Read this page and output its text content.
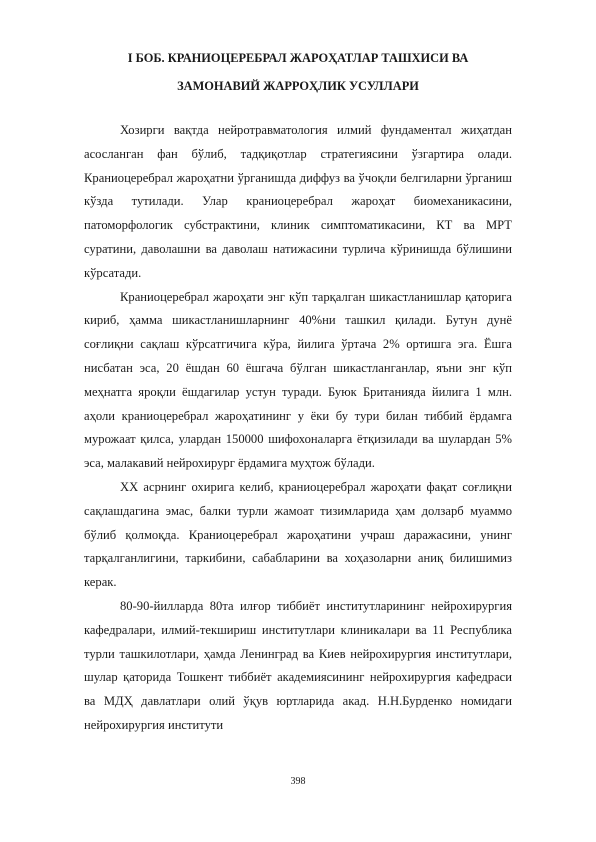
I БОБ. КРАНИОЦЕРЕБРАЛ ЖАРОҲАТЛАР ТАШХИСИ ВА
ЗАМОНАВИЙ ЖАРРОҲЛИК УСУЛЛАРИ

Хозирги вақтда нейротравматология илмий фундаментал жиҳатдан асосланган фан бўлиб, тадқиқотлар стратегиясини ўзгартира олади. Краниоцеребрал жароҳатни ўрганишда диффуз ва ўчоқли белгиларни ўрганиш кўзда тутилади. Улар краниоцеребрал жароҳат биомеханикасини, патоморфологик субстрактини, клиник симптоматикасини, КТ ва МРТ суратини, даволашни ва даволаш натижасини турлича кўринишда бўлишини кўрсатади.

Краниоцеребрал жароҳати энг кўп тарқалган шикастланишлар қаторига кириб, ҳамма шикастланишларнинг 40%ни ташкил қилади. Бутун дунё соғлиқни сақлаш кўрсатгичига кўра, йилига ўртача 2% ортишга эга. Ёшга нисбатан эса, 20 ёшдан 60 ёшгача бўлган шикастланганлар, яъни энг кўп меҳнатга яроқли ёшдагилар устун туради. Буюк Британияда йилига 1 млн. аҳоли краниоцеребрал жароҳатининг у ёки бу тури билан тиббий ёрдамга мурожаат қилса, улардан 150000 шифохоналарга ётқизилади ва шулардан 5% эса, малакавий нейрохирург ёрдамига муҳтож бўлади.

XX асрнинг охирига келиб, краниоцеребрал жароҳати фақат соғлиқни сақлашдагина эмас, балки турли жамоат тизимларида ҳам долзарб муаммо бўлиб қолмоқда. Краниоцеребрал жароҳатини учраш даражасини, унинг тарқалганлигини, таркибини, сабабларини ва хоҳазоларни аниқ билишимиз керак.

80-90-йилларда 80та илғор тиббиёт институтларининг нейрохирургия кафедралари, илмий-текшириш институтлари клиникалари ва 11 Республика турли ташкилотлари, ҳамда Ленинград ва Киев нейрохирургия институтлари, шулар қаторида Тошкент тиббиёт академиясининг нейрохирургия кафедраси ва МДҲ давлатлари олий ўқув юртларида акад. Н.Н.Бурденко номидаги нейрохирургия институти

398
